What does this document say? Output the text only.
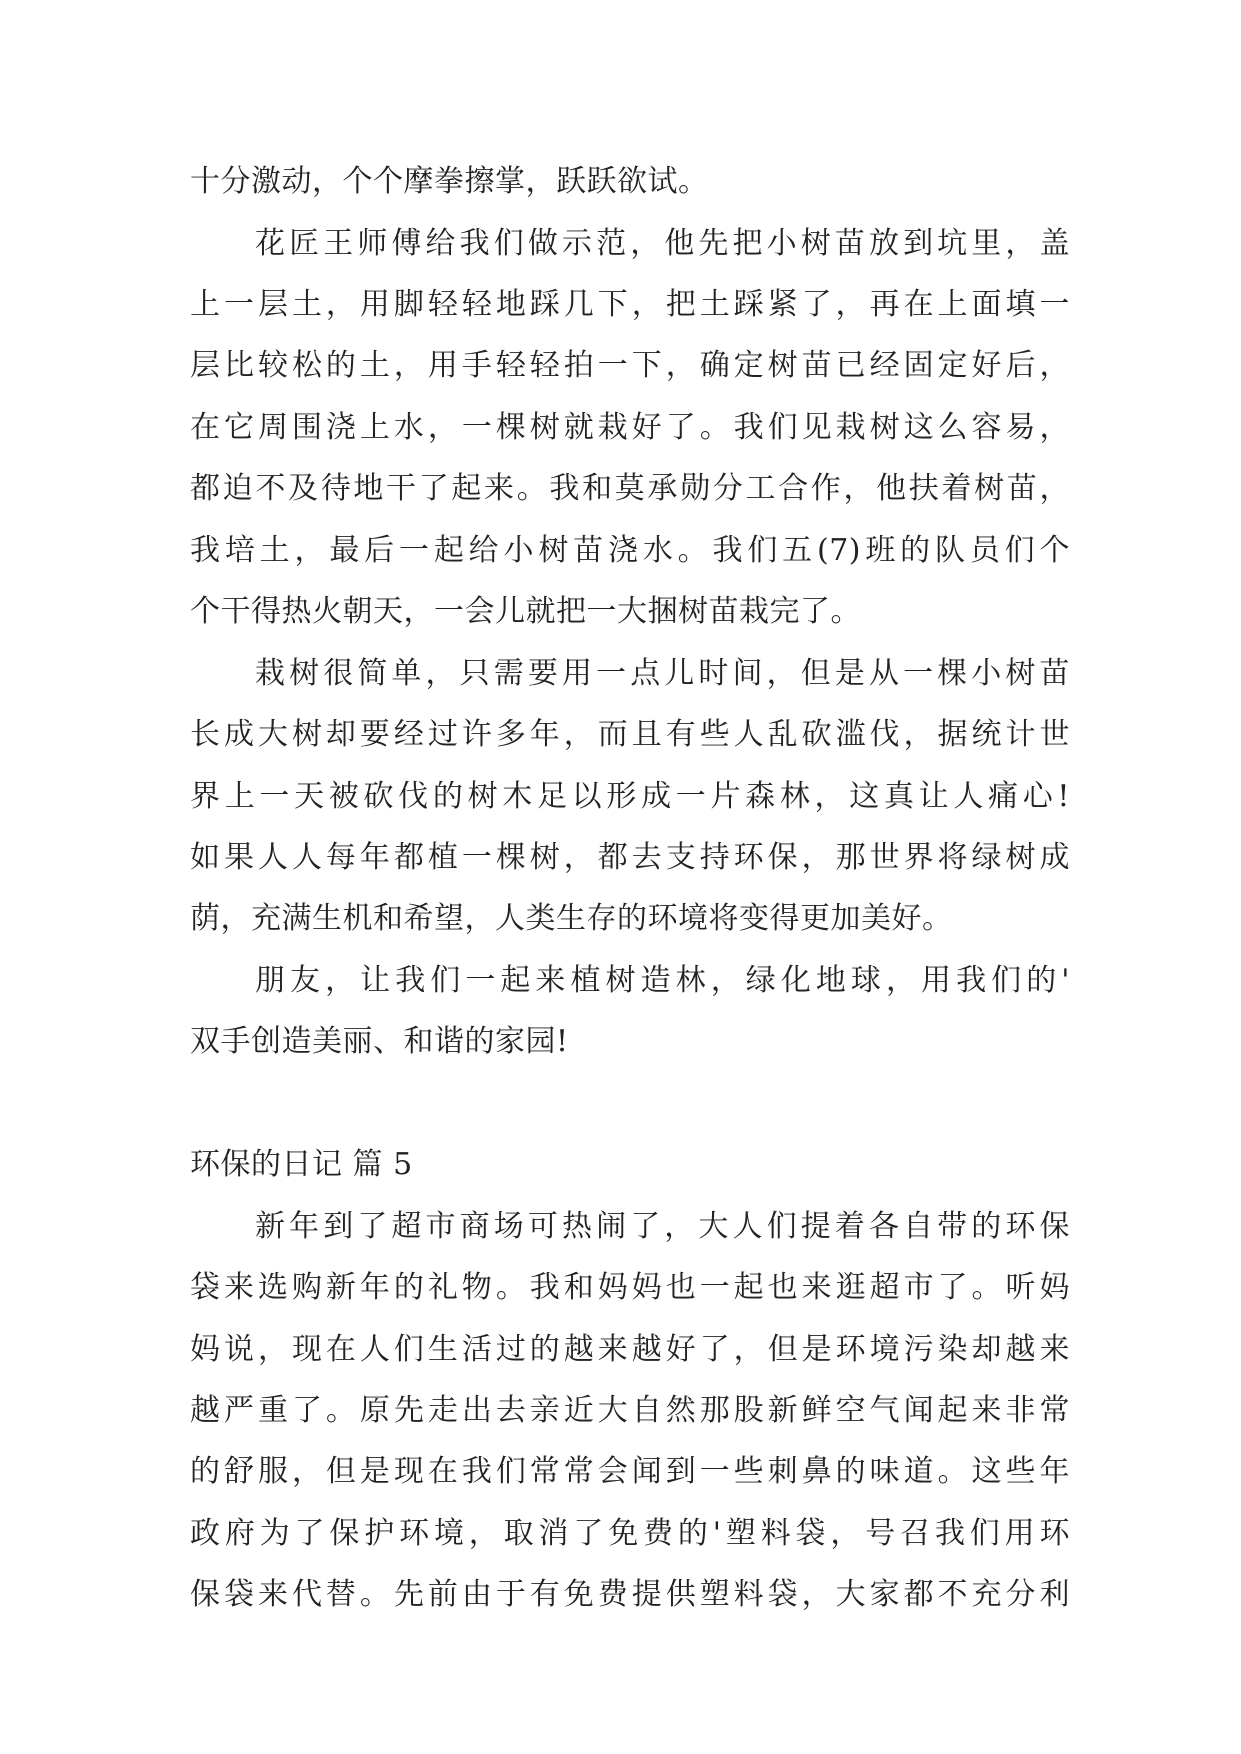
十分激动，个个摩拳擦掌，跃跃欲试。
花匠王师傅给我们做示范，他先把小树苗放到坑里，盖
上一层土，用脚轻轻地踩几下，把土踩紧了，再在上面填一
层比较松的土，用手轻轻拍一下，确定树苗已经固定好后，
在它周围浇上水，一棵树就栽好了。我们见栽树这么容易，
都迫不及待地干了起来。我和莫承勋分工合作，他扶着树苗，
我培土，最后一起给小树苗浇水。我们五(7)班的队员们个
个干得热火朝天，一会儿就把一大捆树苗栽完了。
栽树很简单，只需要用一点儿时间，但是从一棵小树苗
长成大树却要经过许多年，而且有些人乱砍滥伐，据统计世
界上一天被砍伐的树木足以形成一片森林，这真让人痛心!
如果人人每年都植一棵树，都去支持环保，那世界将绿树成
荫，充满生机和希望，人类生存的环境将变得更加美好。
朋友，让我们一起来植树造林，绿化地球，用我们的'
双手创造美丽、和谐的家园!
环保的日记 篇 5
新年到了超市商场可热闹了，大人们提着各自带的环保
袋来选购新年的礼物。我和妈妈也一起也来逛超市了。听妈
妈说，现在人们生活过的越来越好了，但是环境污染却越来
越严重了。原先走出去亲近大自然那股新鲜空气闻起来非常
的舒服，但是现在我们常常会闻到一些刺鼻的味道。这些年
政府为了保护环境，取消了免费的'塑料袋，号召我们用环
保袋来代替。先前由于有免费提供塑料袋，大家都不充分利
